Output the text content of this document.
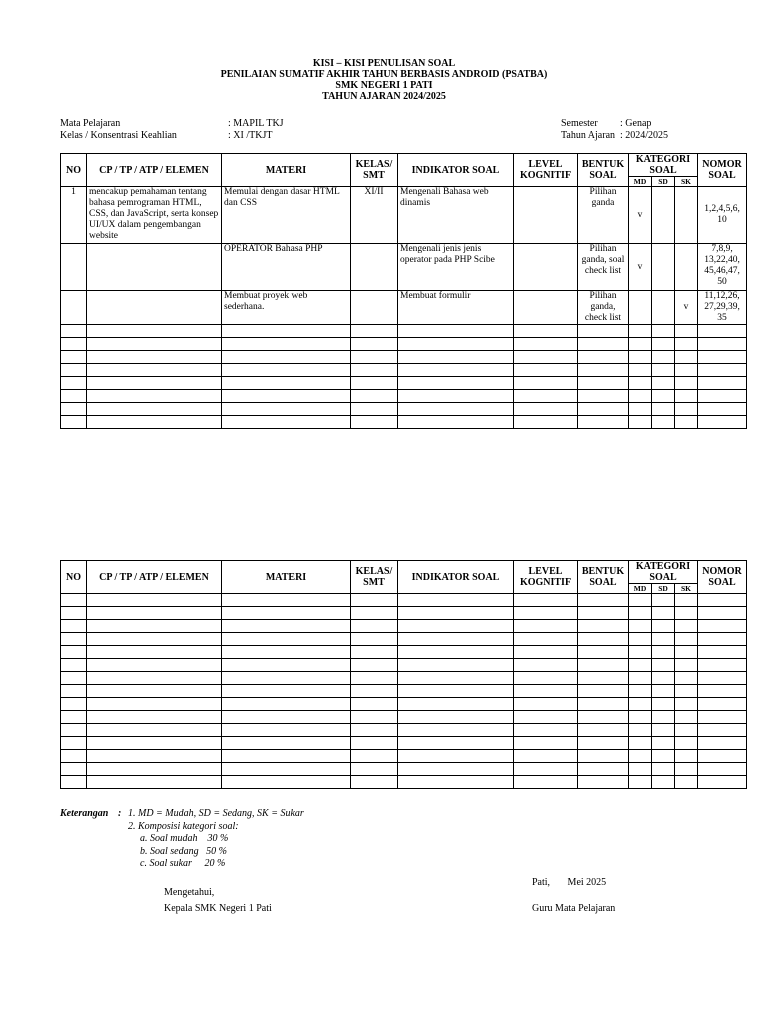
KISI – KISI PENULISAN SOAL
PENILAIAN SUMATIF AKHIR TAHUN BERBASIS ANDROID (PSATBA)
SMK NEGERI 1 PATI
TAHUN AJARAN 2024/2025
Mata Pelajaran	: MAPIL TKJ
Kelas / Konsentrasi Keahlian	: XI /TKJT
Semester	: Genap
Tahun Ajaran : 2024/2025
NO	CP / TP / ATP / ELEMEN	MATERI	KELAS/ SMT	INDIKATOR SOAL	LEVEL KOGNITIF	BENTUK SOAL	KATEGORI SOAL			NOMOR SOAL
							MD	SD	SK	
1	mencakup pemahaman tentang bahasa pemrograman HTML, CSS, dan JavaScript, serta konsep UI/UX dalam pengembangan website	Memulai dengan dasar HTML dan CSS	XI/II	Mengenali Bahasa web dinamis		Pilihan ganda	v			1,2,4,5,6, 10
		OPERATOR Bahasa PHP		Mengenali jenis jenis operator pada PHP Scibe		Pilihan ganda, soal check list	v			7,8,9, 13,22,40, 45,46,47, 50
		Membuat proyek web sederhana.		Membuat formulir		Pilihan ganda, check list			v	11,12,26, 27,29,39, 35

NO	CP / TP / ATP / ELEMEN	MATERI	KELAS/ SMT	INDIKATOR SOAL	LEVEL KOGNITIF	BENTUK SOAL	KATEGORI SOAL			NOMOR SOAL
							MD	SD	SK	

Keterangan : 1. MD = Mudah, SD = Sedang, SK = Sukar
2. Komposisi kategori soal:
a. Soal mudah    30 %
b. Soal sedang   50 %
c. Soal sukar     20 %
Pati,       Mei 2025
Mengetahui,
Kepala SMK Negeri 1 Pati	Guru Mata Pelajaran
